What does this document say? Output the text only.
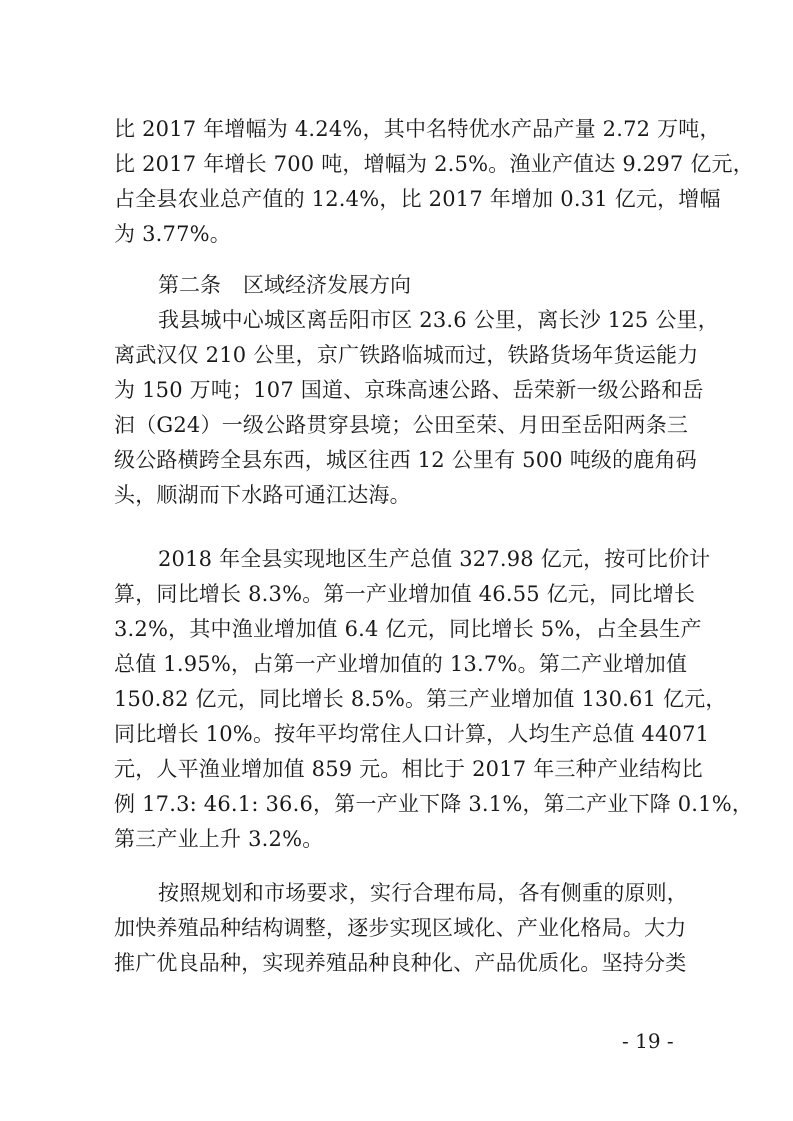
比 2017 年增幅为 4.24%，其中名特优水产品产量 2.72 万吨，
比 2017 年增长 700 吨，增幅为 2.5%。渔业产值达 9.297 亿元，
占全县农业总产值的 12.4%，比 2017 年增加 0.31 亿元，增幅
为 3.77%。
第二条 区域经济发展方向
我县城中心城区离岳阳市区 23.6 公里，离长沙 125 公里，
离武汉仅 210 公里，京广铁路临城而过，铁路货场年货运能力
为 150 万吨；107 国道、京珠高速公路、岳荣新一级公路和岳
汩（G24）一级公路贯穿县境；公田至荣、月田至岳阳两条三
级公路横跨全县东西，城区往西 12 公里有 500 吨级的鹿角码
头，顺湖而下水路可通江达海。
2018 年全县实现地区生产总值 327.98 亿元，按可比价计
算，同比增长 8.3%。第一产业增加值 46.55 亿元，同比增长
3.2%，其中渔业增加值 6.4 亿元，同比增长 5%，占全县生产
总值 1.95%，占第一产业增加值的 13.7%。第二产业增加值
150.82 亿元，同比增长 8.5%。第三产业增加值 130.61 亿元，
同比增长 10%。按年平均常住人口计算，人均生产总值 44071
元，人平渔业增加值 859 元。相比于 2017 年三种产业结构比
例 17.3: 46.1: 36.6，第一产业下降 3.1%，第二产业下降 0.1%，
第三产业上升 3.2%。
按照规划和市场要求，实行合理布局，各有侧重的原则，
加快养殖品种结构调整，逐步实现区域化、产业化格局。大力
推广优良品种，实现养殖品种良种化、产品优质化。坚持分类
- 19 -
